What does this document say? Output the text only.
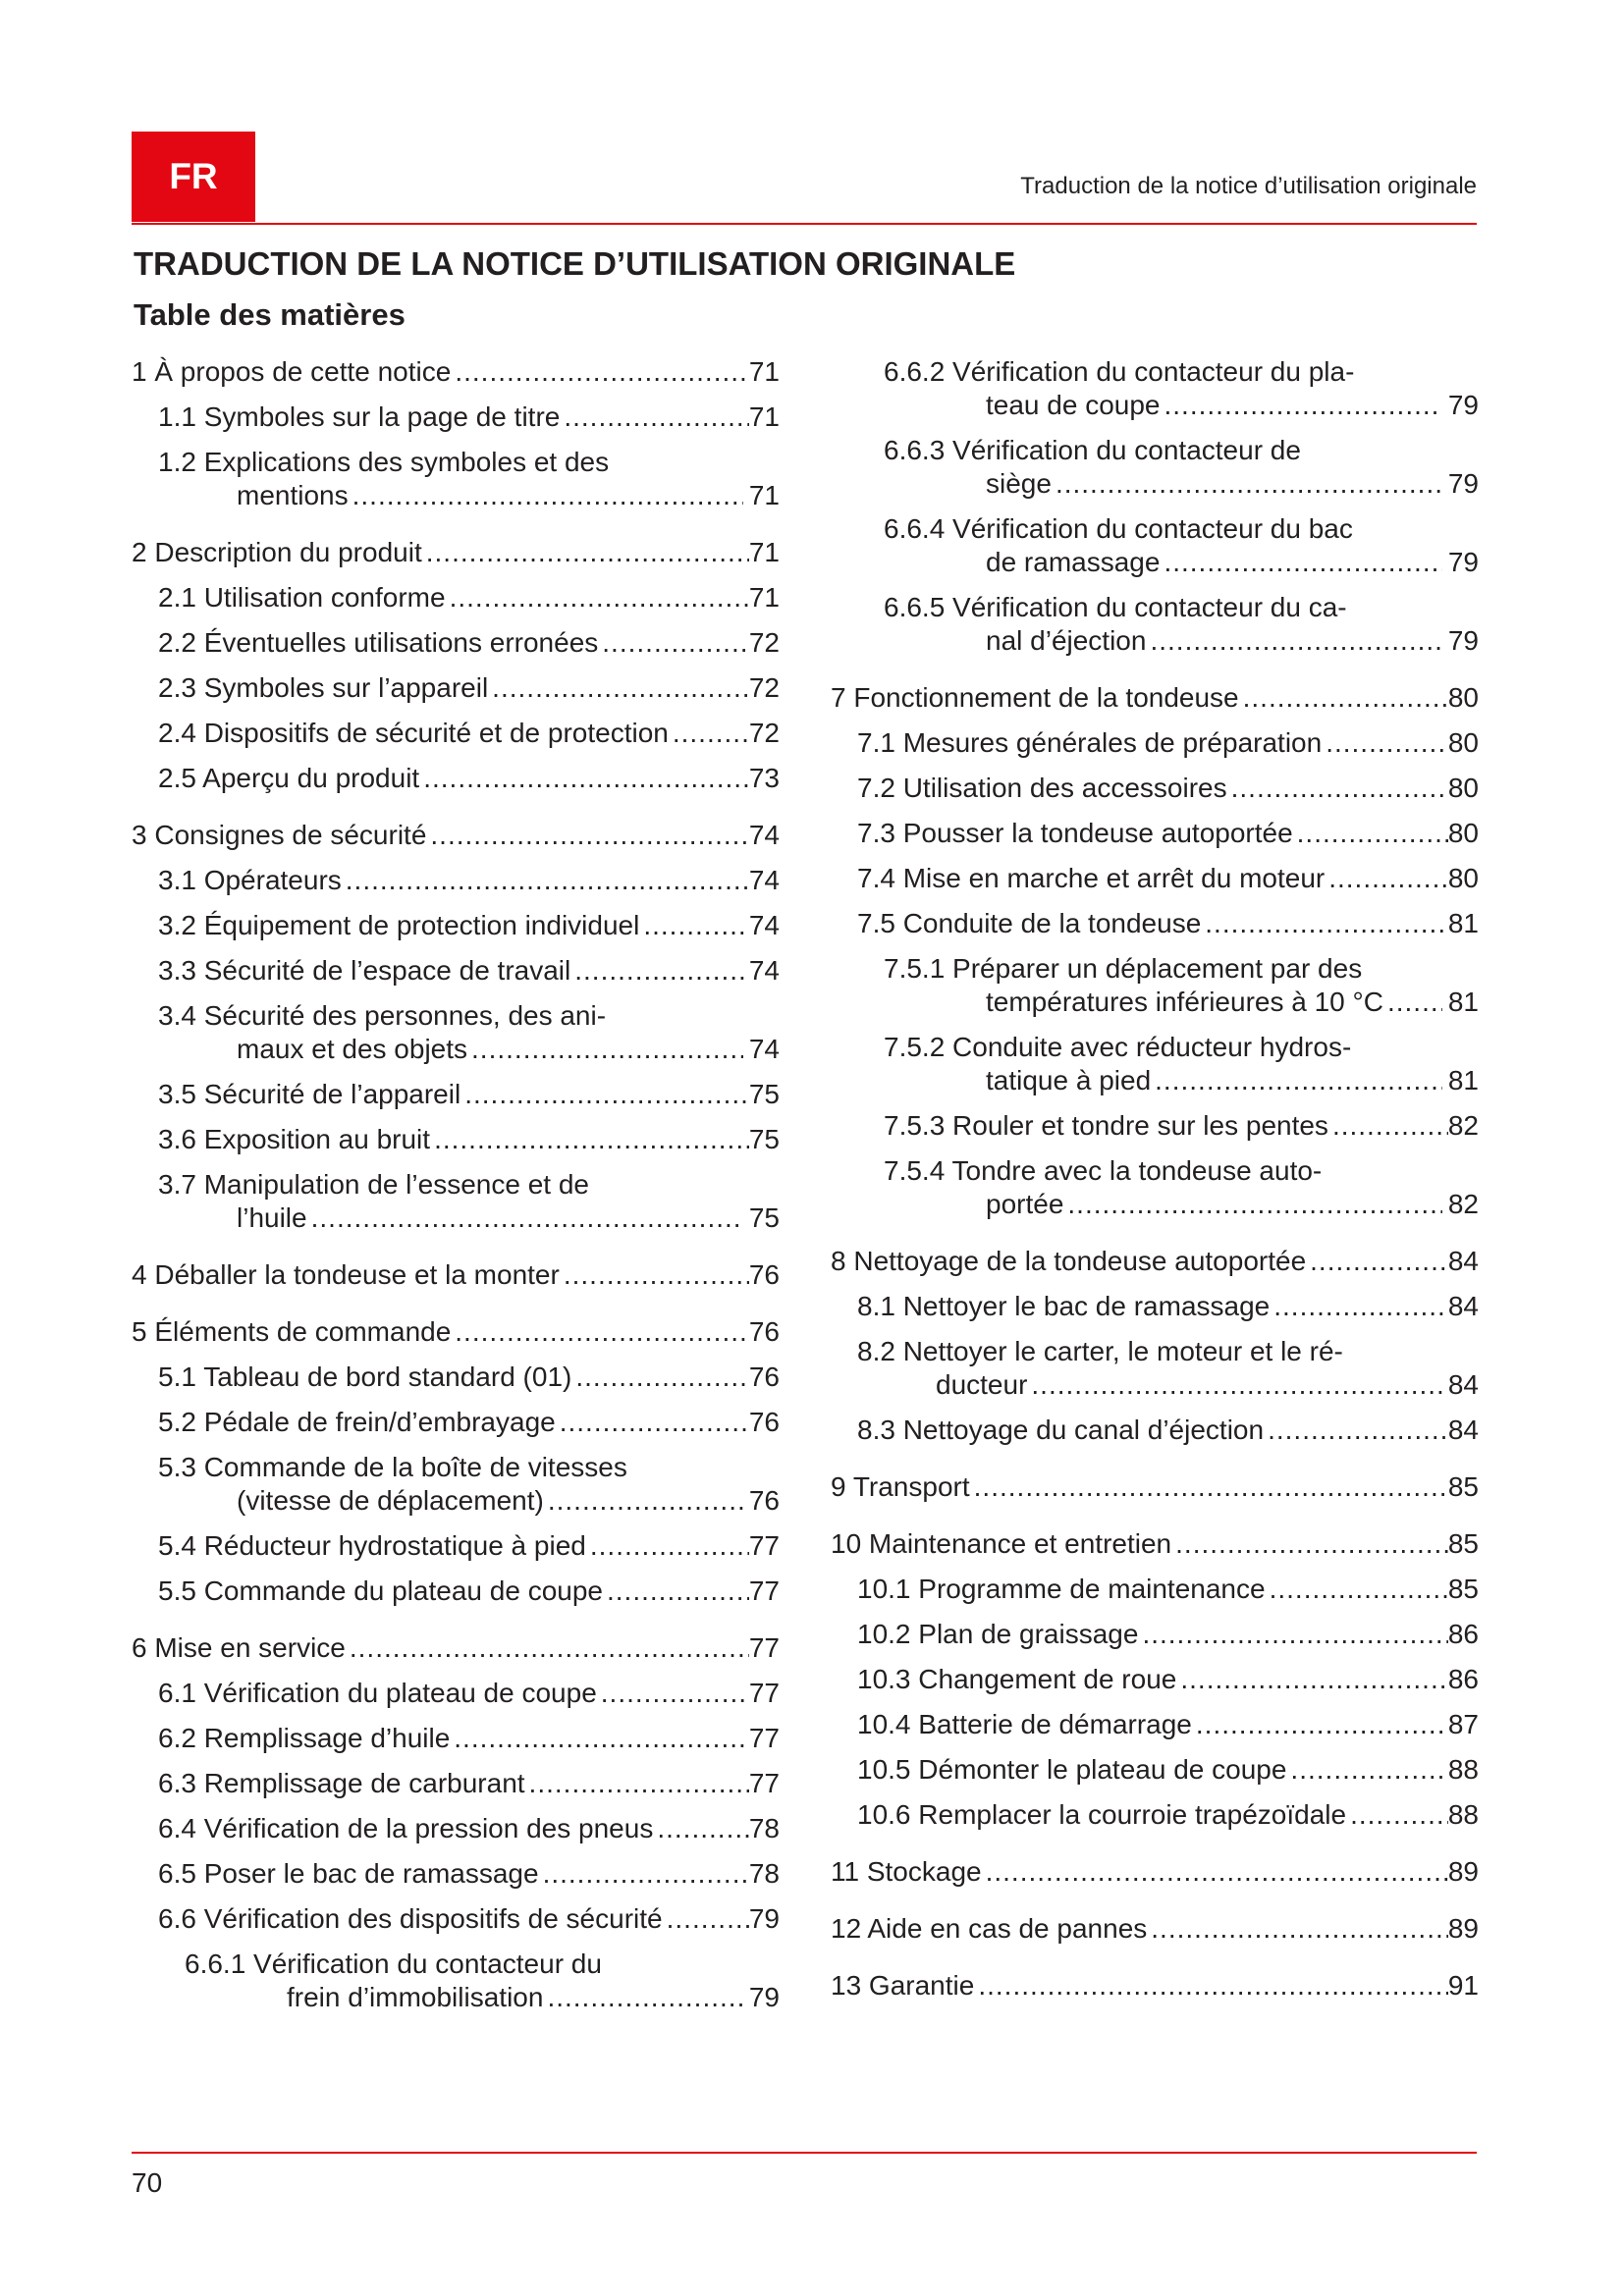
FR	Traduction de la notice d’utilisation originale
TRADUCTION DE LA NOTICE D’UTILISATION ORIGINALE
Table des matières
1 À propos de cette notice .....	71
1.1 Symboles sur la page de titre .....	71
1.2 Explications des symboles et des
mentions .....	71
2 Description du produit .....	71
2.1 Utilisation conforme .....	71
2.2 Éventuelles utilisations erronées .....	72
2.3 Symboles sur l’appareil .....	72
2.4 Dispositifs de sécurité et de protection .....	72
2.5 Aperçu du produit .....	73
3 Consignes de sécurité .....	74
3.1 Opérateurs .....	74
3.2 Équipement de protection individuel .....	74
3.3 Sécurité de l’espace de travail .....	74
3.4 Sécurité des personnes, des ani-
maux et des objets .....	74
3.5 Sécurité de l’appareil .....	75
3.6 Exposition au bruit .....	75
3.7 Manipulation de l’essence et de
l’huile .....	75
4 Déballer la tondeuse et la monter .....	76
5 Éléments de commande .....	76
5.1 Tableau de bord standard (01) .....	76
5.2 Pédale de frein/d’embrayage .....	76
5.3 Commande de la boîte de vitesses
(vitesse de déplacement) .....	76
5.4 Réducteur hydrostatique à pied .....	77
5.5 Commande du plateau de coupe .....	77
6 Mise en service .....	77
6.1 Vérification du plateau de coupe .....	77
6.2 Remplissage d’huile .....	77
6.3 Remplissage de carburant .....	77
6.4 Vérification de la pression des pneus .....	78
6.5 Poser le bac de ramassage .....	78
6.6 Vérification des dispositifs de sécurité .....	79
6.6.1 Vérification du contacteur du
frein d’immobilisation .....	79
6.6.2 Vérification du contacteur du pla-
teau de coupe .....	79
6.6.3 Vérification du contacteur de
siège .....	79
6.6.4 Vérification du contacteur du bac
de ramassage .....	79
6.6.5 Vérification du contacteur du ca-
nal d’éjection .....	79
7 Fonctionnement de la tondeuse .....	80
7.1 Mesures générales de préparation .....	80
7.2 Utilisation des accessoires .....	80
7.3 Pousser la tondeuse autoportée .....	80
7.4 Mise en marche et arrêt du moteur .....	80
7.5 Conduite de la tondeuse .....	81
7.5.1 Préparer un déplacement par des
températures inférieures à 10 °C ..... 81
7.5.2 Conduite avec réducteur hydros-
tatique à pied .....	81
7.5.3 Rouler et tondre sur les pentes .....	82
7.5.4 Tondre avec la tondeuse auto-
portée .....	82
8 Nettoyage de la tondeuse autoportée .....	84
8.1 Nettoyer le bac de ramassage .....	84
8.2 Nettoyer le carter, le moteur et le ré-
ducteur .....	84
8.3 Nettoyage du canal d’éjection .....	84
9 Transport .....	85
10 Maintenance et entretien .....	85
10.1 Programme de maintenance .....	85
10.2 Plan de graissage .....	86
10.3 Changement de roue .....	86
10.4 Batterie de démarrage .....	87
10.5 Démonter le plateau de coupe .....	88
10.6 Remplacer la courroie trapézoïdale .....	88
11 Stockage .....	89
12 Aide en cas de pannes .....	89
13 Garantie .....	91
70
